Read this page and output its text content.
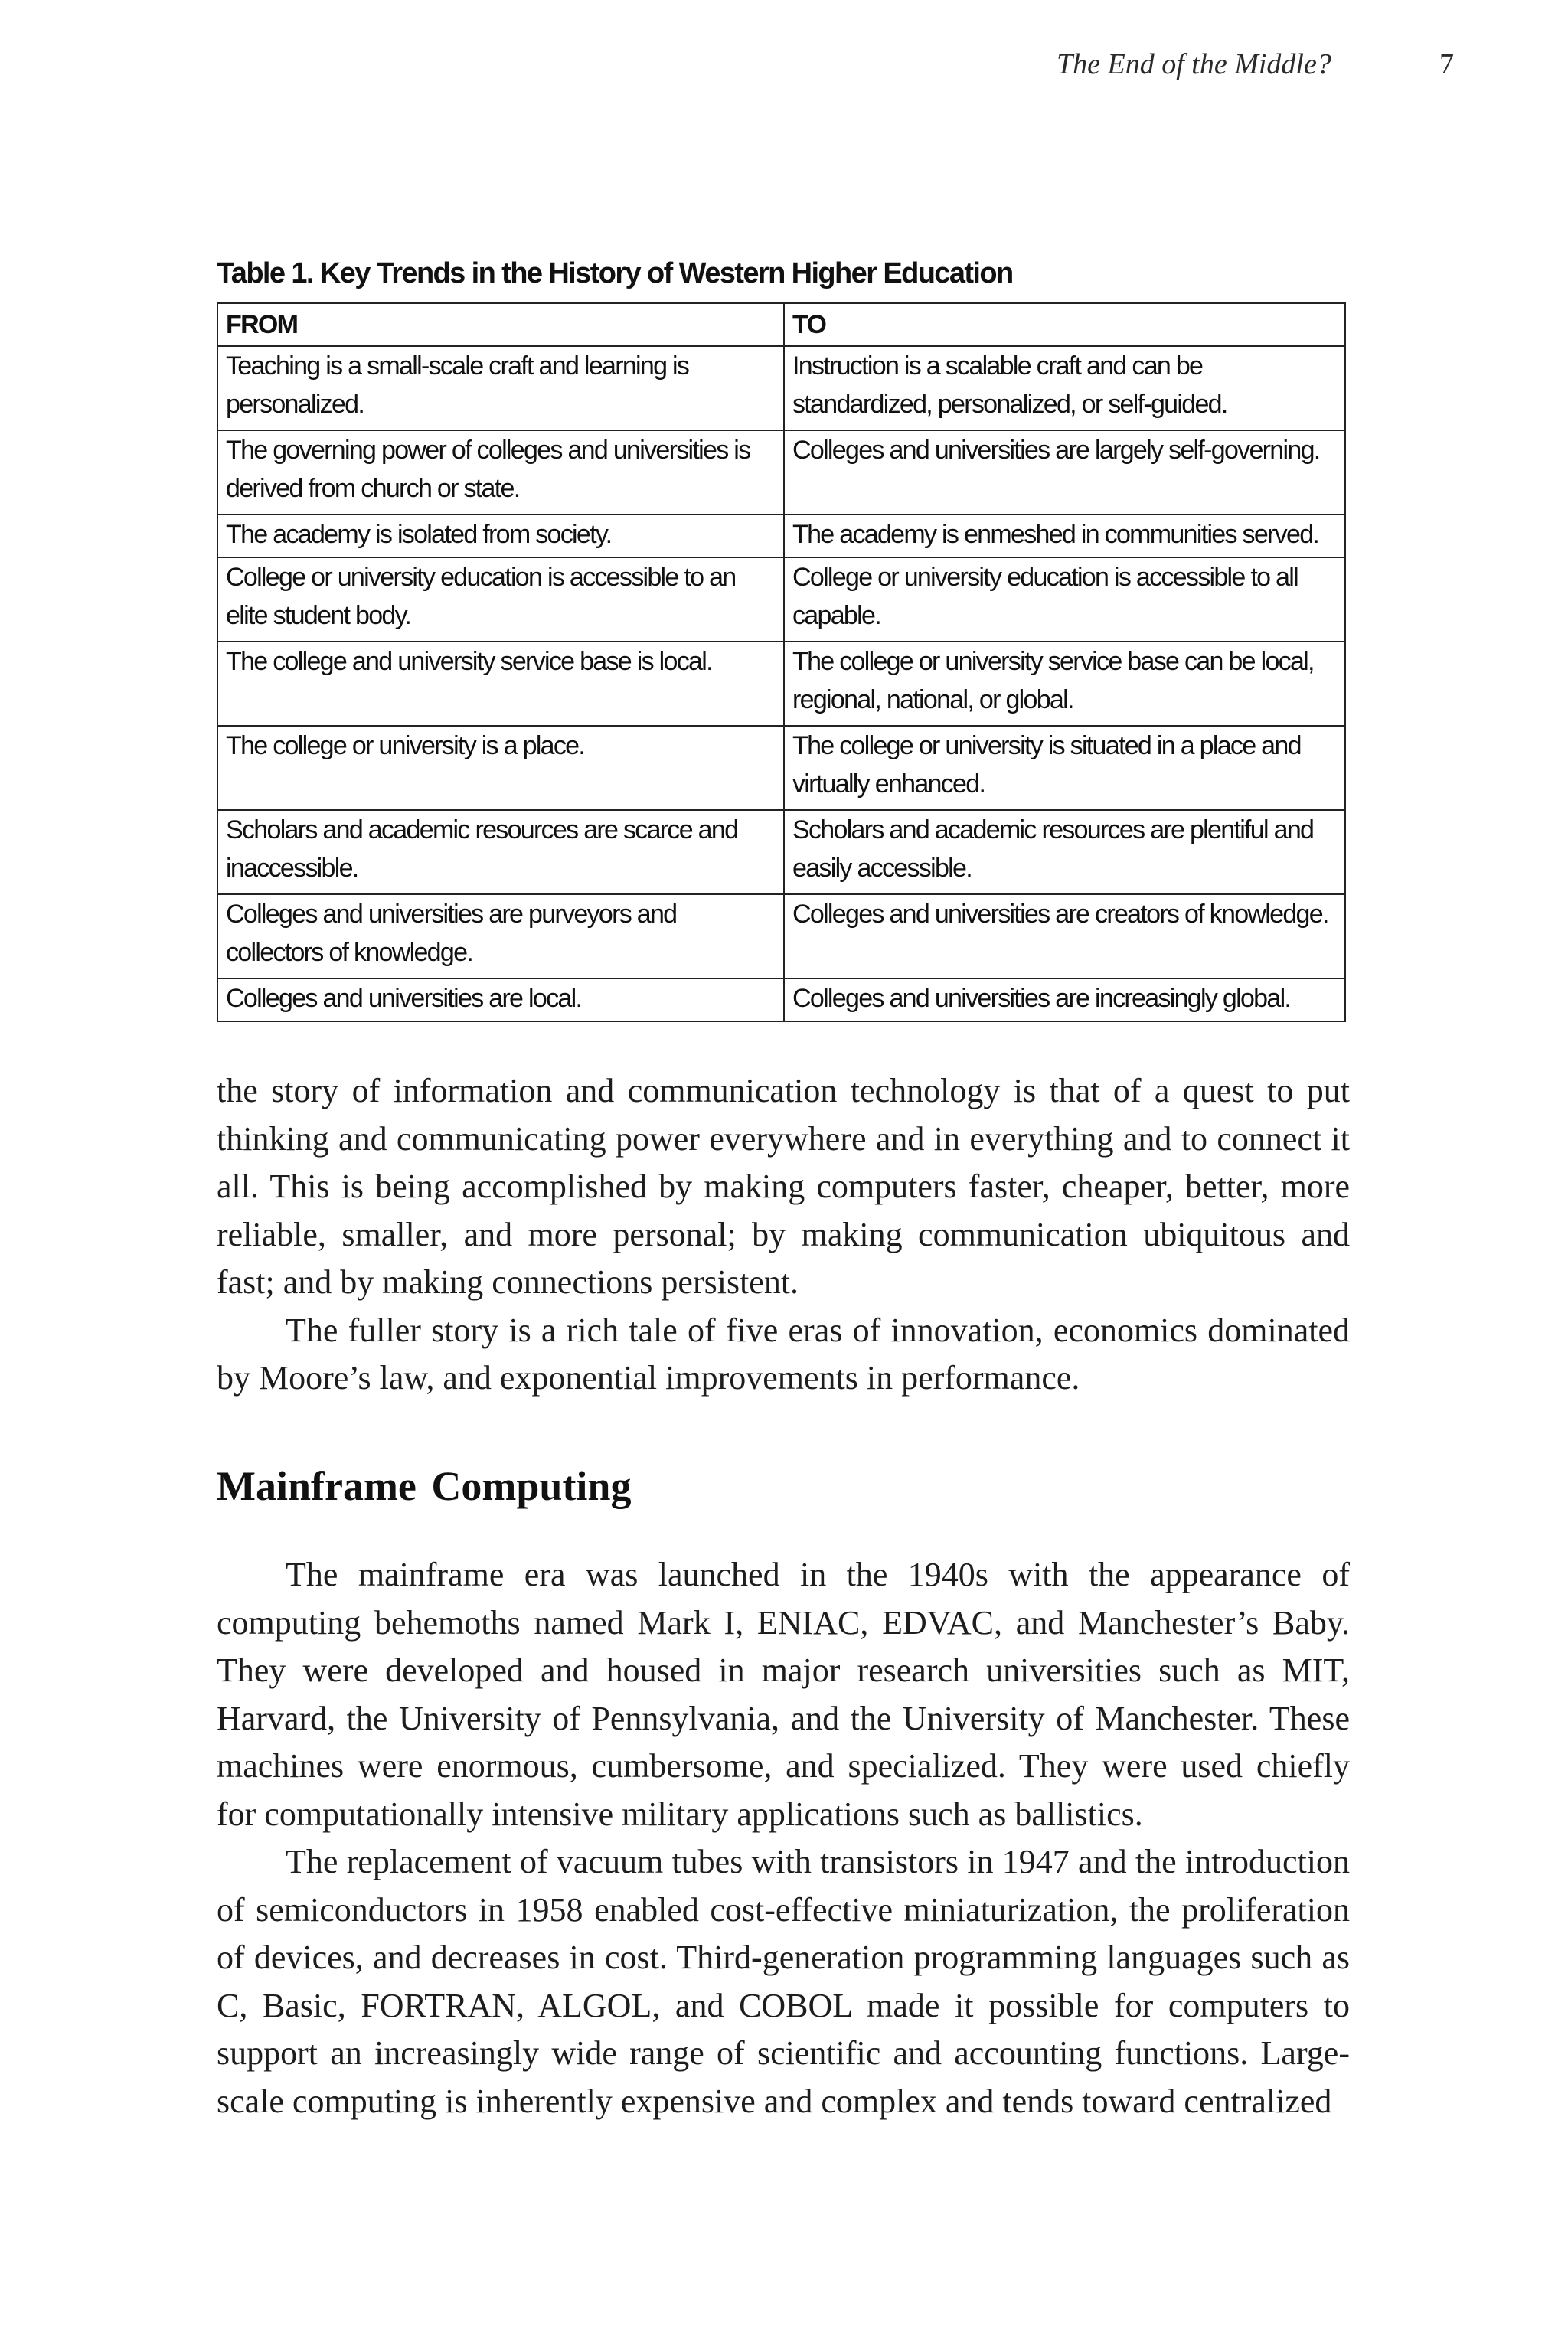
The End of the Middle?	7
Table 1. Key Trends in the History of Western Higher Education
FROM	TO
Teaching is a small-scale craft and learning is personalized.	Instruction is a scalable craft and can be standardized, personalized, or self-guided.
The governing power of colleges and universities is derived from church or state.	Colleges and universities are largely self-governing.
The academy is isolated from society.	The academy is enmeshed in communities served.
College or university education is accessible to an elite student body.	College or university education is accessible to all capable.
The college and university service base is local.	The college or university service base can be local, regional, national, or global.
The college or university is a place.	The college or university is situated in a place and virtually enhanced.
Scholars and academic resources are scarce and inaccessible.	Scholars and academic resources are plentiful and easily accessible.
Colleges and universities are purveyors and collectors of knowledge.	Colleges and universities are creators of knowledge.
Colleges and universities are local.	Colleges and universities are increasingly global.

the story of information and communication technology is that of a quest to put thinking and communicating power everywhere and in everything and to connect it all. This is being accomplished by making computers faster, cheaper, better, more reliable, smaller, and more personal; by making communication ubiquitous and fast; and by making connections persistent.

The fuller story is a rich tale of five eras of innovation, economics dominated by Moore’s law, and exponential improvements in performance.

Mainframe Computing

The mainframe era was launched in the 1940s with the appearance of computing behemoths named Mark I, ENIAC, EDVAC, and Manchester’s Baby. They were developed and housed in major research universities such as MIT, Harvard, the University of Pennsylvania, and the University of Manchester. These machines were enormous, cumbersome, and specialized. They were used chiefly for computationally intensive military applications such as ballistics.

The replacement of vacuum tubes with transistors in 1947 and the introduction of semiconductors in 1958 enabled cost-effective miniaturization, the proliferation of devices, and decreases in cost. Third-generation programming languages such as C, Basic, FORTRAN, ALGOL, and COBOL made it possible for computers to support an increasingly wide range of scientific and accounting functions. Large-scale computing is inherently expensive and complex and tends toward centralized
